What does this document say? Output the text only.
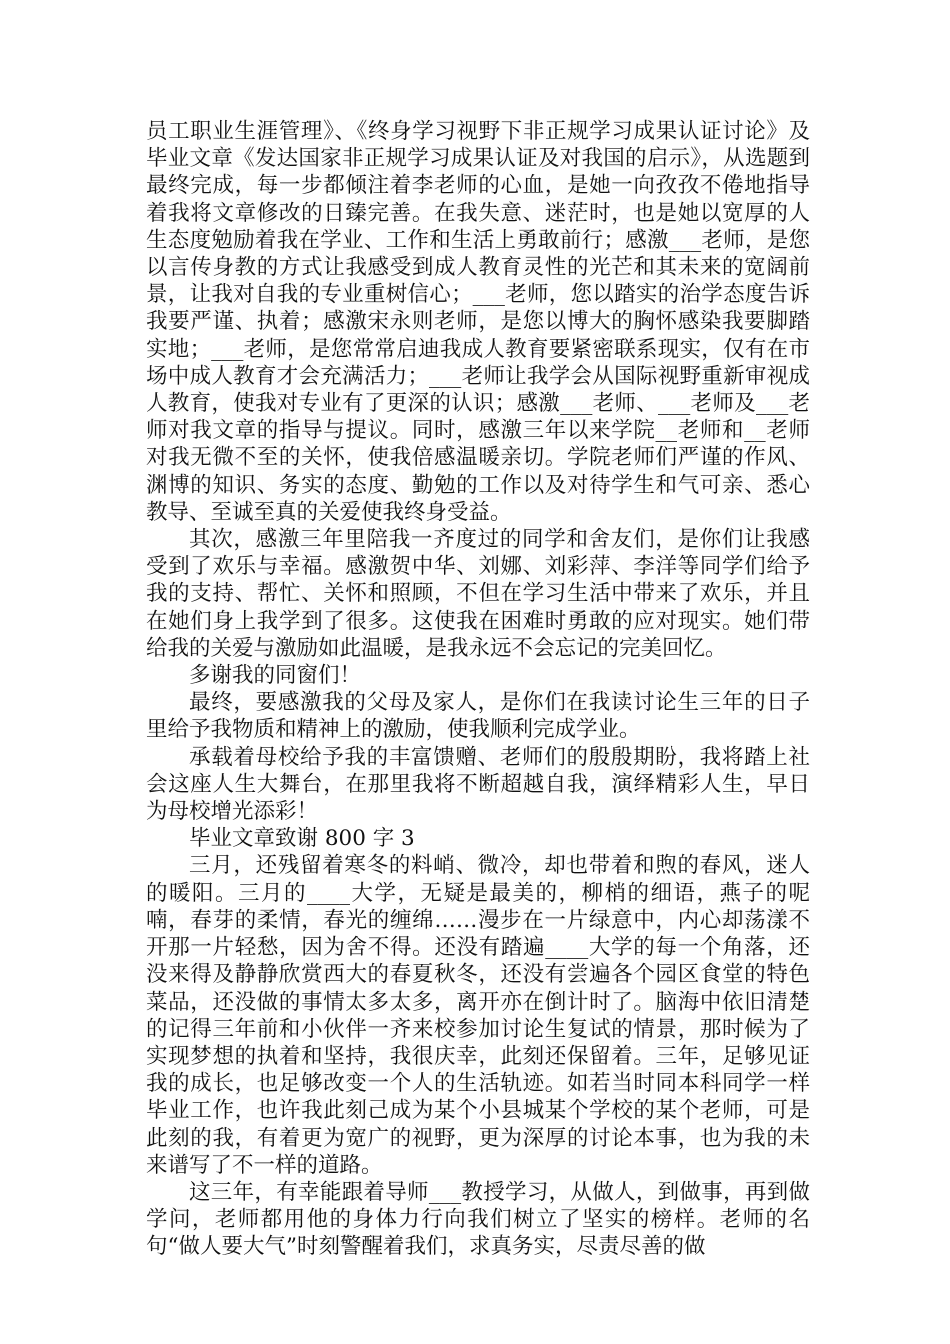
员工职业生涯管理》、《终身学习视野下非正规学习成果认证讨论》及毕业文章《发达国家非正规学习成果认证及对我国的启示》，从选题到最终完成，每一步都倾注着李老师的心血，是她一向孜孜不倦地指导着我将文章修改的日臻完善。在我失意、迷茫时，也是她以宽厚的人生态度勉励着我在学业、工作和生活上勇敢前行；感激___老师，是您以言传身教的方式让我感受到成人教育灵性的光芒和其未来的宽阔前景，让我对自我的专业重树信心；___老师，您以踏实的治学态度告诉我要严谨、执着；感激宋永则老师，是您以博大的胸怀感染我要脚踏实地；___老师，是您常常启迪我成人教育要紧密联系现实，仅有在市场中成人教育才会充满活力；___老师让我学会从国际视野重新审视成人教育，使我对专业有了更深的认识；感激___老师、___老师及___老师对我文章的指导与提议。同时，感激三年以来学院__老师和__老师对我无微不至的关怀，使我倍感温暖亲切。学院老师们严谨的作风、渊博的知识、务实的态度、勤勉的工作以及对待学生和气可亲、悉心教导、至诚至真的关爱使我终身受益。

其次，感激三年里陪我一齐度过的同学和舍友们，是你们让我感受到了欢乐与幸福。感激贺中华、刘娜、刘彩萍、李洋等同学们给予我的支持、帮忙、关怀和照顾，不但在学习生活中带来了欢乐，并且在她们身上我学到了很多。这使我在困难时勇敢的应对现实。她们带给我的关爱与激励如此温暖，是我永远不会忘记的完美回忆。

多谢我的同窗们！

最终，要感激我的父母及家人，是你们在我读讨论生三年的日子里给予我物质和精神上的激励，使我顺利完成学业。

承载着母校给予我的丰富馈赠、老师们的殷殷期盼，我将踏上社会这座人生大舞台，在那里我将不断超越自我，演绎精彩人生，早日为母校增光添彩！

毕业文章致谢 800 字 3

三月，还残留着寒冬的料峭、微冷，却也带着和煦的春风，迷人的暖阳。三月的____大学，无疑是最美的，柳梢的细语，燕子的呢喃，春芽的柔情，春光的缠绵……漫步在一片绿意中，内心却荡漾不开那一片轻愁，因为舍不得。还没有踏遍____大学的每一个角落，还没来得及静静欣赏西大的春夏秋冬，还没有尝遍各个园区食堂的特色菜品，还没做的事情太多太多，离开亦在倒计时了。脑海中依旧清楚的记得三年前和小伙伴一齐来校参加讨论生复试的情景，那时候为了实现梦想的执着和坚持，我很庆幸，此刻还保留着。三年，足够见证我的成长，也足够改变一个人的生活轨迹。如若当时同本科同学一样毕业工作，也许我此刻己成为某个小县城某个学校的某个老师，可是此刻的我，有着更为宽广的视野，更为深厚的讨论本事，也为我的未来谱写了不一样的道路。

这三年，有幸能跟着导师___教授学习，从做人，到做事，再到做学问，老师都用他的身体力行向我们树立了坚实的榜样。老师的名句“做人要大气”时刻警醒着我们，求真务实，尽责尽善的做
